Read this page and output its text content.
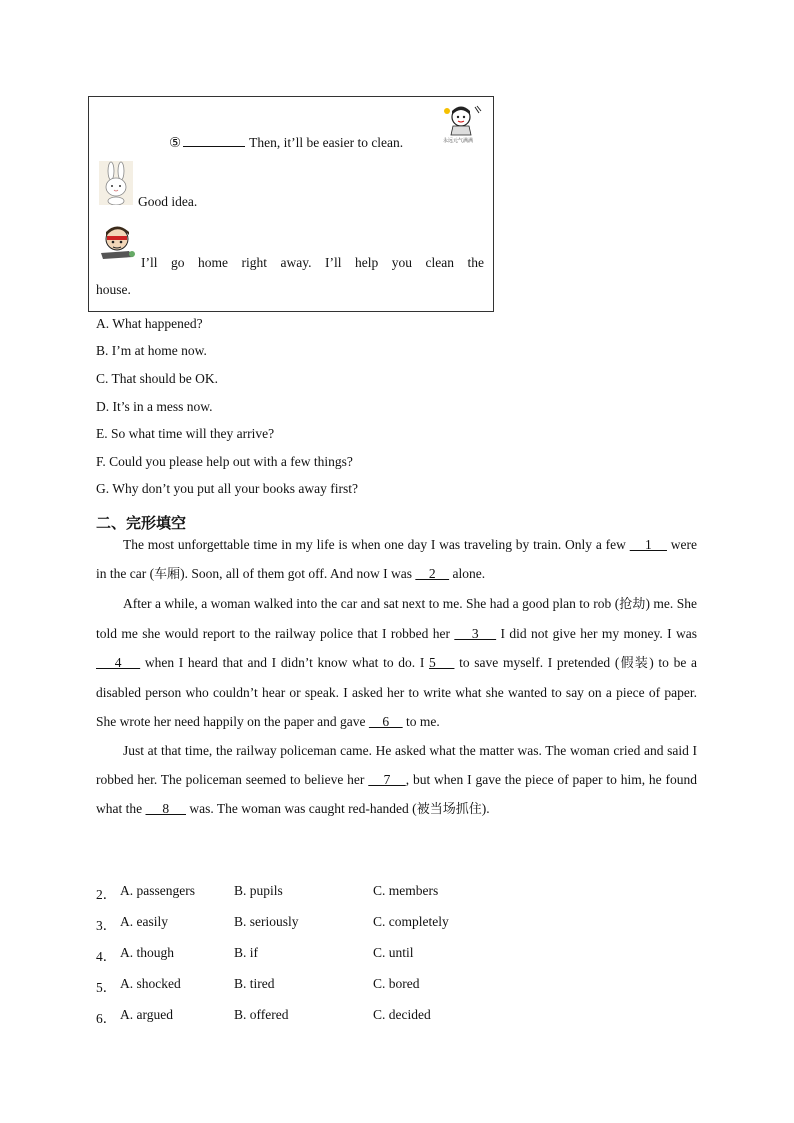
永远元气满满
⑤	Then, it’ll be easier to clean.
Good idea.
I’ll go home right away. I’ll help you clean the
house.
A. What happened?
B. I’m at home now.
C. That should be OK.
D. It’s in a mess now.
E. So what time will they arrive?
F. Could you please help out with a few things?
G. Why don’t you put all your books away first?
二、完形填空

The most unforgettable time in my life is when one day I was traveling by train. Only a few     1     were in the car (车厢). Soon, all of them got off. And now I was     2     alone.

After a while, a woman walked into the car and sat next to me. She had a good plan to rob (抢劫) me. She told me she would report to the railway police that I robbed her     3     I did not give her my money. I was     4     when I heard that and I didn’t know what to do. I 5     to save myself. I pretended (假装) to be a disabled person who couldn’t hear or speak. I asked her to write what she wanted to say on a piece of paper. She wrote her need happily on the paper and gave     6     to me.

Just at that time, the railway policeman came. He asked what the matter was. The woman cried and said I robbed her. The policeman seemed to believe her     7    , but when I gave the piece of paper to him, he found what the      8      was. The woman was caught red-handed (被当场抓住).

2． A. passengers	B. pupils	C. members
3． A. easily	B. seriously	C. completely
4． A. though	B. if	C. until
5． A. shocked	B. tired	C. bored
6． A. argued	B. offered	C. decided
